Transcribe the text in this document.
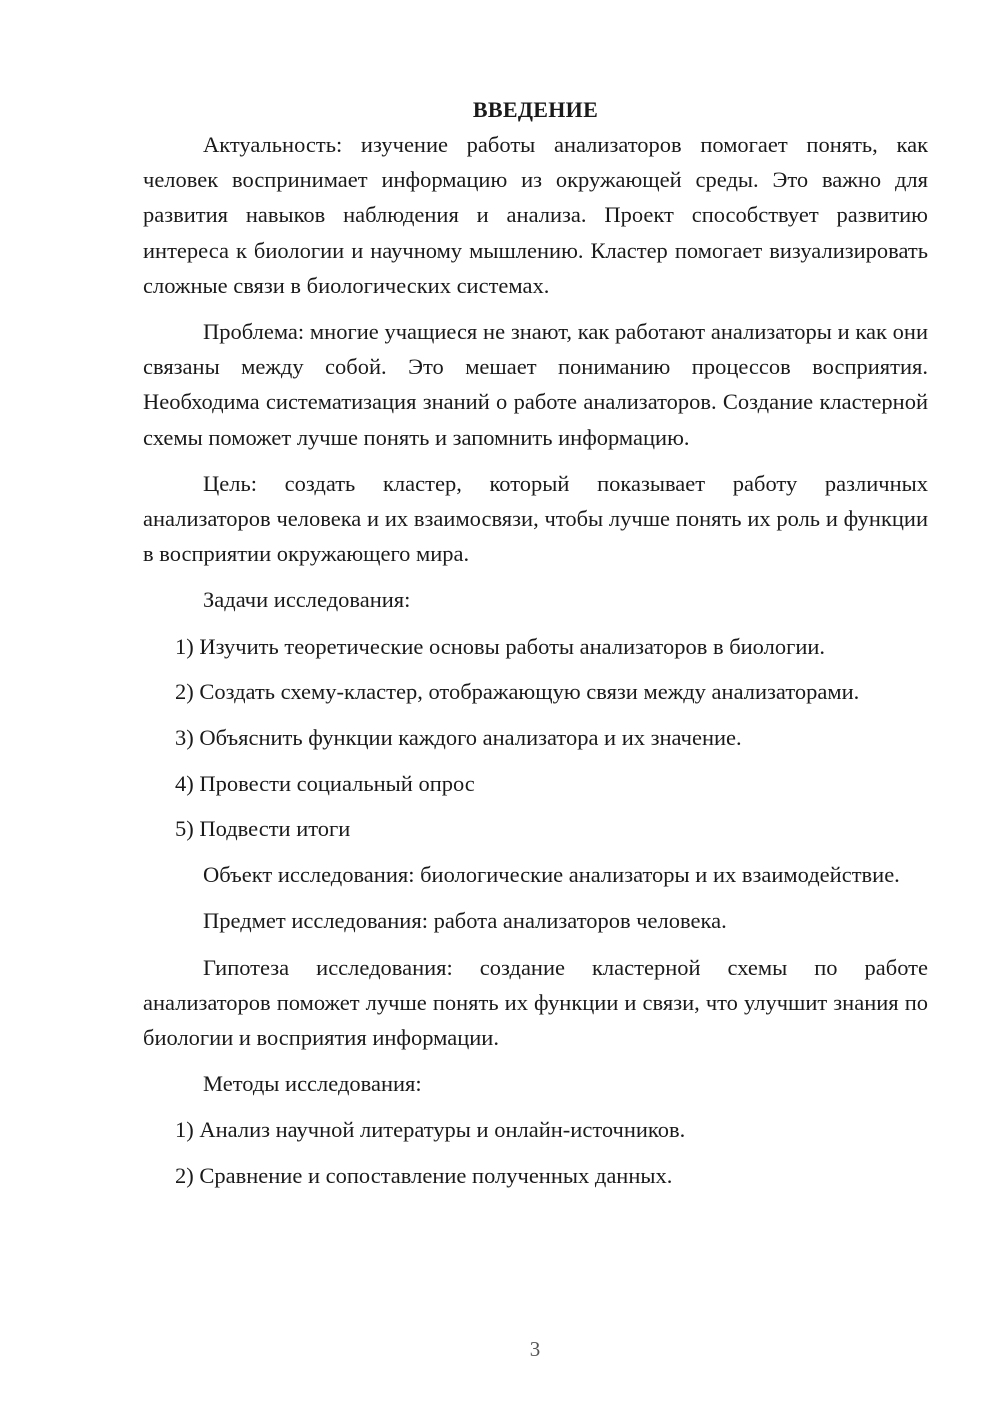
ВВЕДЕНИЕ

Актуальность: изучение работы анализаторов помогает понять, как человек воспринимает информацию из окружающей среды. Это важно для развития навыков наблюдения и анализа. Проект способствует развитию интереса к биологии и научному мышлению. Кластер помогает визуализировать сложные связи в биологических системах.

Проблема: многие учащиеся не знают, как работают анализаторы и как они связаны между собой. Это мешает пониманию процессов восприятия. Необходима систематизация знаний о работе анализаторов. Создание кластерной схемы поможет лучше понять и запомнить информацию.

Цель: создать кластер, который показывает работу различных анализаторов человека и их взаимосвязи, чтобы лучше понять их роль и функции в восприятии окружающего мира.

Задачи исследования:

1) Изучить теоретические основы работы анализаторов в биологии.

2) Создать схему-кластер, отображающую связи между анализаторами.

3) Объяснить функции каждого анализатора и их значение.

4) Провести социальный опрос

5) Подвести итоги

Объект исследования: биологические анализаторы и их взаимодействие.

Предмет исследования: работа анализаторов человека.

Гипотеза исследования: создание кластерной схемы по работе анализаторов поможет лучше понять их функции и связи, что улучшит знания по биологии и восприятия информации.

Методы исследования:

1) Анализ научной литературы и онлайн-источников.

2) Сравнение и сопоставление полученных данных.

3
